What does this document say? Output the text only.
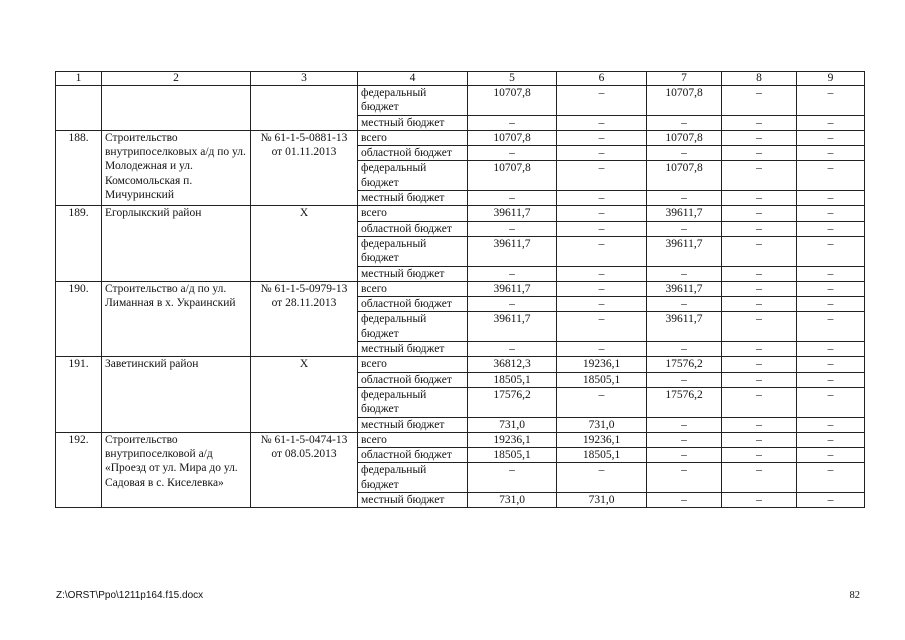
1	2	3	4	5	6	7	8	9
			федеральный бюджет	10707,8	–	10707,8	–	–
			местный бюджет	–	–	–	–	–
188.	Строительство внутрипоселковых а/д по ул. Молодежная и ул. Комсомольская п. Мичуринский	№ 61-1-5-0881-13 от 01.11.2013	всего	10707,8	–	10707,8	–	–
			областной бюджет	–	–	–	–	–
			федеральный бюджет	10707,8	–	10707,8	–	–
			местный бюджет	–	–	–	–	–
189.	Егорлыкский район	Х	всего	39611,7	–	39611,7	–	–
			областной бюджет	–	–	–	–	–
			федеральный бюджет	39611,7	–	39611,7	–	–
			местный бюджет	–	–	–	–	–
190.	Строительство а/д по ул. Лиманная в х. Украинский	№ 61-1-5-0979-13 от 28.11.2013	всего	39611,7	–	39611,7	–	–
			областной бюджет	–	–	–	–	–
			федеральный бюджет	39611,7	–	39611,7	–	–
			местный бюджет	–	–	–	–	–
191.	Заветинский район	Х	всего	36812,3	19236,1	17576,2	–	–
			областной бюджет	18505,1	18505,1	–	–	–
			федеральный бюджет	17576,2	–	17576,2	–	–
			местный бюджет	731,0	731,0	–	–	–
192.	Строительство внутрипоселковой а/д «Проезд от ул. Мира до ул. Садовая в с. Киселевка»	№ 61-1-5-0474-13 от 08.05.2013	всего	19236,1	19236,1	–	–	–
			областной бюджет	18505,1	18505,1	–	–	–
			федеральный бюджет	–	–	–	–	–
			местный бюджет	731,0	731,0	–	–	–
Z:\ORST\Ppo\1211p164.f15.docx	82
